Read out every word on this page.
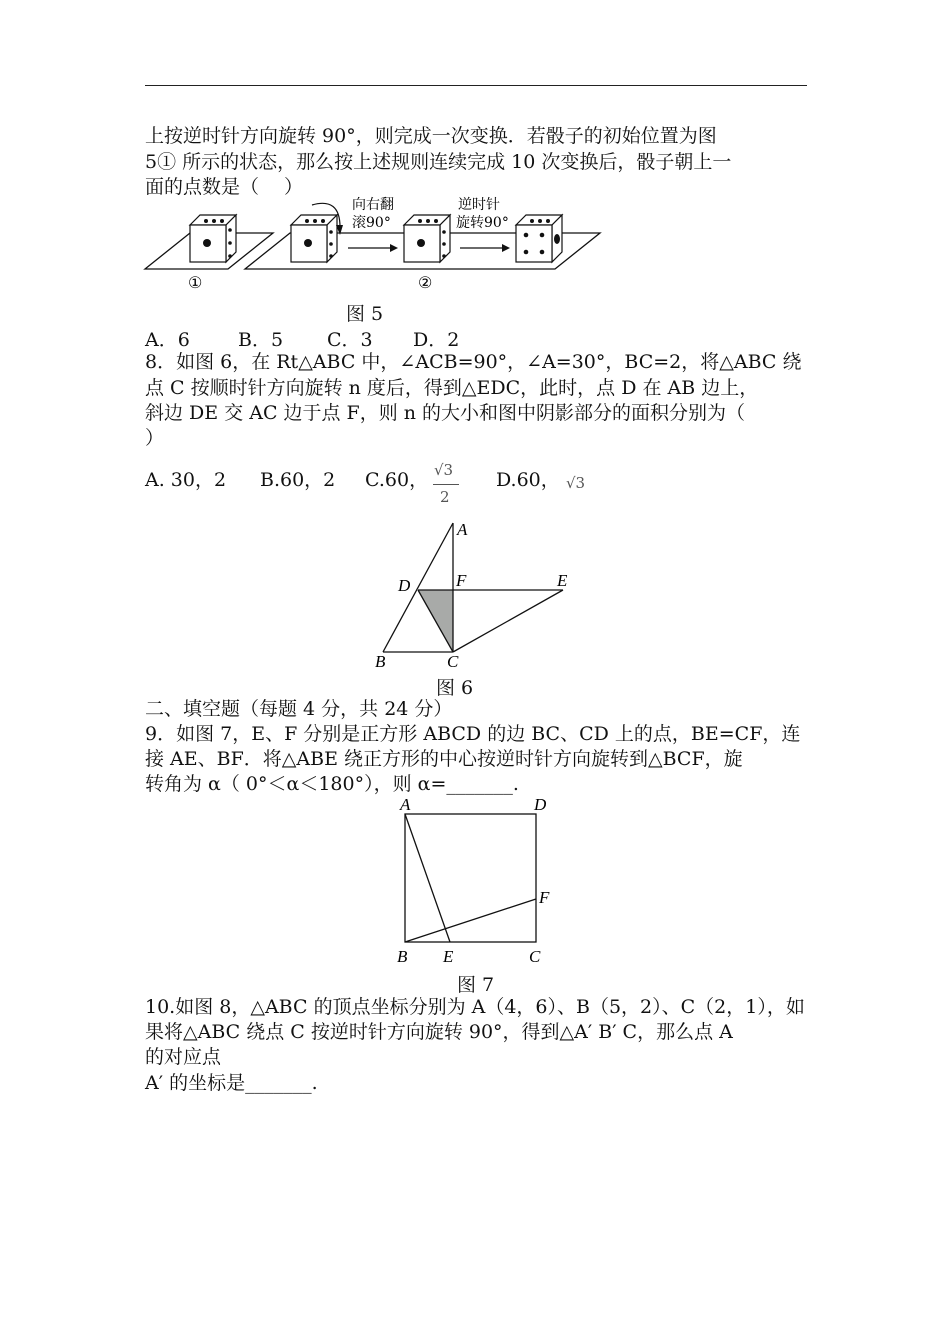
上按逆时针方向旋转 90°，则完成一次变换．若骰子的初始位置为图
5① 所示的状态，那么按上述规则连续完成 10 次变换后，骰子朝上一
面的点数是（　 ）
向右翻
滚90°
逆时针
旋转90°
①	②
图 5
A．6	B．5 C．3 D．2
8．如图 6，在 Rt△ABC 中，∠ACB=90°，∠A=30°，BC=2，将△ABC 绕
点 C 按顺时针方向旋转 n 度后，得到△EDC，此时，点 D 在 AB 边上，
斜边 DE 交 AC 边于点 F，则 n 的大小和图中阴影部分的面积分别为（
）
A. 30，2 B.60，2 C.60， √3
2
D.60， √3
A
D	F	E
B	C
图 6
二、填空题（每题 4 分，共 24 分）
9．如图 7，E、F 分别是正方形 ABCD 的边 BC、CD 上的点，BE=CF，连
接 AE、BF．将△ABE 绕正方形的中心按逆时针方向旋转到△BCF，旋
转角为 α（ 0°＜α＜180°），则 α=_______.
A	D
F
B E	C
图 7
10.如图 8，△ABC 的顶点坐标分别为 A（4，6）、B（5，2）、C（2，1），如
果将△ABC 绕点 C 按逆时针方向旋转 90°，得到△A′ B′ C，那么点 A
的对应点
A′ 的坐标是_______.
